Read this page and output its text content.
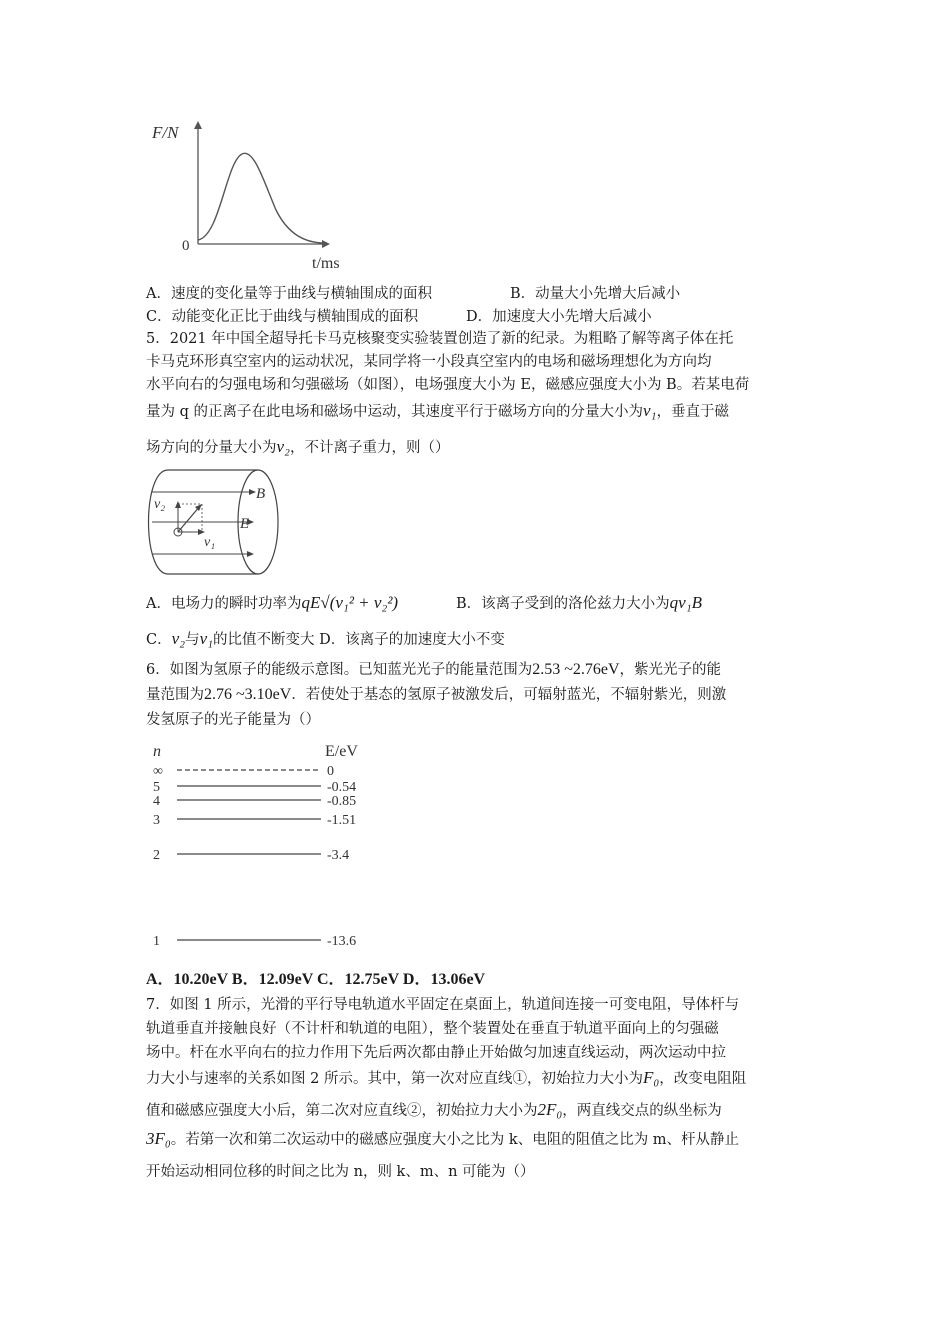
F/N
0
t/ms
A．速度的变化量等于曲线与横轴围成的面积	B．动量大小先增大后减小
C．动能变化正比于曲线与横轴围成的面积	D．加速度大小先增大后减小
5．2021 年中国全超导托卡马克核聚变实验装置创造了新的纪录。为粗略了解等离子体在托
卡马克环形真空室内的运动状况，某同学将一小段真空室内的电场和磁场理想化为方向均
水平向右的匀强电场和匀强磁场（如图），电场强度大小为 E，磁感应强度大小为 B。若某电荷
量为 q 的正离子在此电场和磁场中运动，其速度平行于磁场方向的分量大小为v₁，垂直于磁
场方向的分量大小为v₂，不计离子重力，则（）
v₂
v₁
B
E
A．电场力的瞬时功率为qE√(v₁² + v₂²)	B．该离子受到的洛伦兹力大小为qv₁B
C．v₂与v₁的比值不断变大 D．该离子的加速度大小不变
6．如图为氢原子的能级示意图。已知蓝光光子的能量范围为2.53 ~2.76eV，紫光光子的能
量范围为2.76 ~3.10eV．若使处于基态的氢原子被激发后，可辐射蓝光，不辐射紫光，则激
发氢原子的光子能量为（）
n	E/eV
∞	0
5	-0.54
4	-0.85
3	-1.51
2	-3.4
1	-13.6
A．10.20eV B．12.09eV C．12.75eV D．13.06eV
7．如图 1 所示，光滑的平行导电轨道水平固定在桌面上，轨道间连接一可变电阻，导体杆与
轨道垂直并接触良好（不计杆和轨道的电阻），整个装置处在垂直于轨道平面向上的匀强磁
场中。杆在水平向右的拉力作用下先后两次都由静止开始做匀加速直线运动，两次运动中拉
力大小与速率的关系如图 2 所示。其中，第一次对应直线①，初始拉力大小为F₀，改变电阻阻
值和磁感应强度大小后，第二次对应直线②，初始拉力大小为2F₀，两直线交点的纵坐标为
3F₀。若第一次和第二次运动中的磁感应强度大小之比为 k、电阻的阻值之比为 m、杆从静止
开始运动相同位移的时间之比为 n，则 k、m、n 可能为（）
